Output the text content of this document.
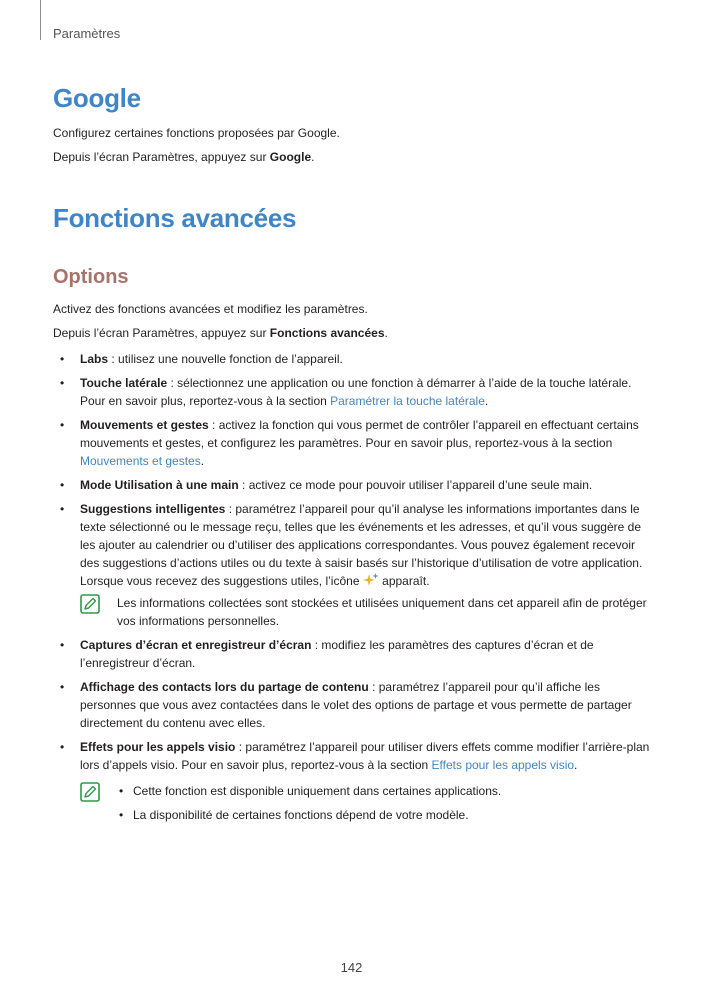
Paramètres
Google

Configurez certaines fonctions proposées par Google.

Depuis l’écran Paramètres, appuyez sur Google.

Fonctions avancées
Options

Activez des fonctions avancées et modifiez les paramètres.

Depuis l’écran Paramètres, appuyez sur Fonctions avancées.

• Labs : utilisez une nouvelle fonction de l’appareil.
• Touche latérale : sélectionnez une application ou une fonction à démarrer à l’aide de la touche latérale. Pour en savoir plus, reportez-vous à la section Paramétrer la touche latérale.
• Mouvements et gestes : activez la fonction qui vous permet de contrôler l’appareil en effectuant certains mouvements et gestes, et configurez les paramètres. Pour en savoir plus, reportez-vous à la section Mouvements et gestes.
• Mode Utilisation à une main : activez ce mode pour pouvoir utiliser l’appareil d’une seule main.
• Suggestions intelligentes : paramétrez l’appareil pour qu’il analyse les informations importantes dans le texte sélectionné ou le message reçu, telles que les événements et les adresses, et qu’il vous suggère de les ajouter au calendrier ou d’utiliser des applications correspondantes. Vous pouvez également recevoir des suggestions d’actions utiles ou du texte à saisir basés sur l’historique d’utilisation de votre application. Lorsque vous recevez des suggestions utiles, l’icône  apparaît.

Les informations collectées sont stockées et utilisées uniquement dans cet appareil afin de protéger vos informations personnelles.

• Captures d’écran et enregistreur d’écran : modifiez les paramètres des captures d’écran et de l’enregistreur d’écran.
• Affichage des contacts lors du partage de contenu : paramétrez l’appareil pour qu’il affiche les personnes que vous avez contactées dans le volet des options de partage et vous permette de partager directement du contenu avec elles.
• Effets pour les appels visio : paramétrez l’appareil pour utiliser divers effets comme modifier l’arrière-plan lors d’appels visio. Pour en savoir plus, reportez-vous à la section Effets pour les appels visio.
• Cette fonction est disponible uniquement dans certaines applications.
• La disponibilité de certaines fonctions dépend de votre modèle.
142
